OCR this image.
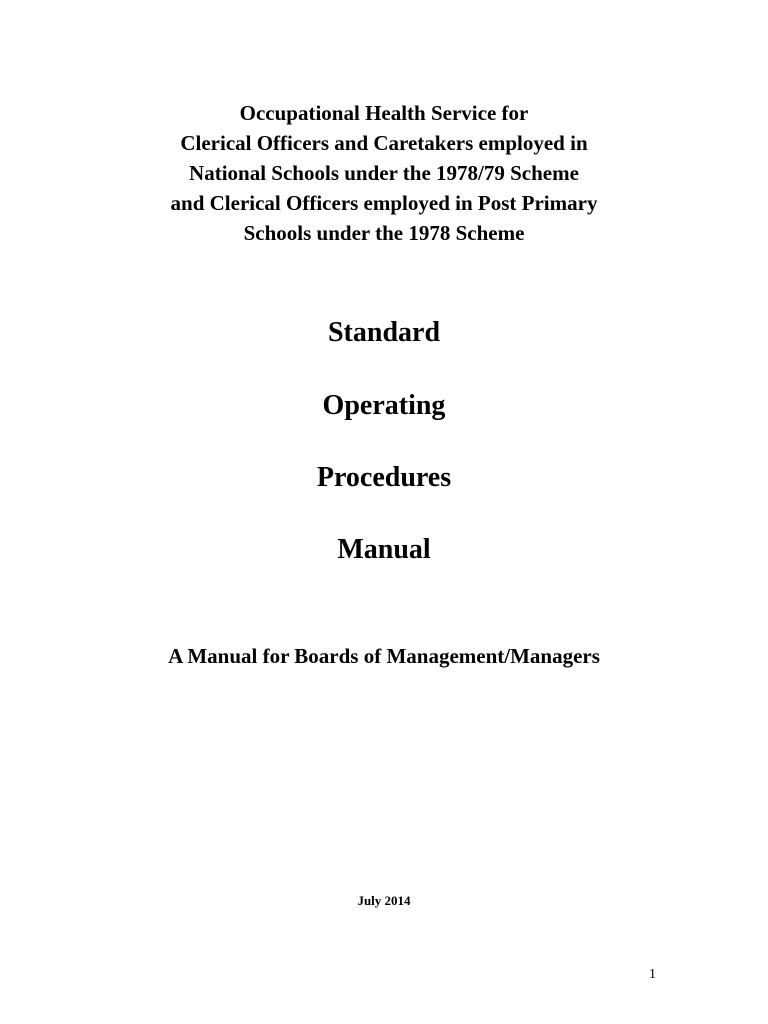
Occupational Health Service for
Clerical Officers and Caretakers employed in
National Schools under the 1978/79 Scheme
and Clerical Officers employed in Post Primary
Schools under the 1978 Scheme
Standard
Operating
Procedures
Manual
A Manual for Boards of Management/Managers
July 2014
1
